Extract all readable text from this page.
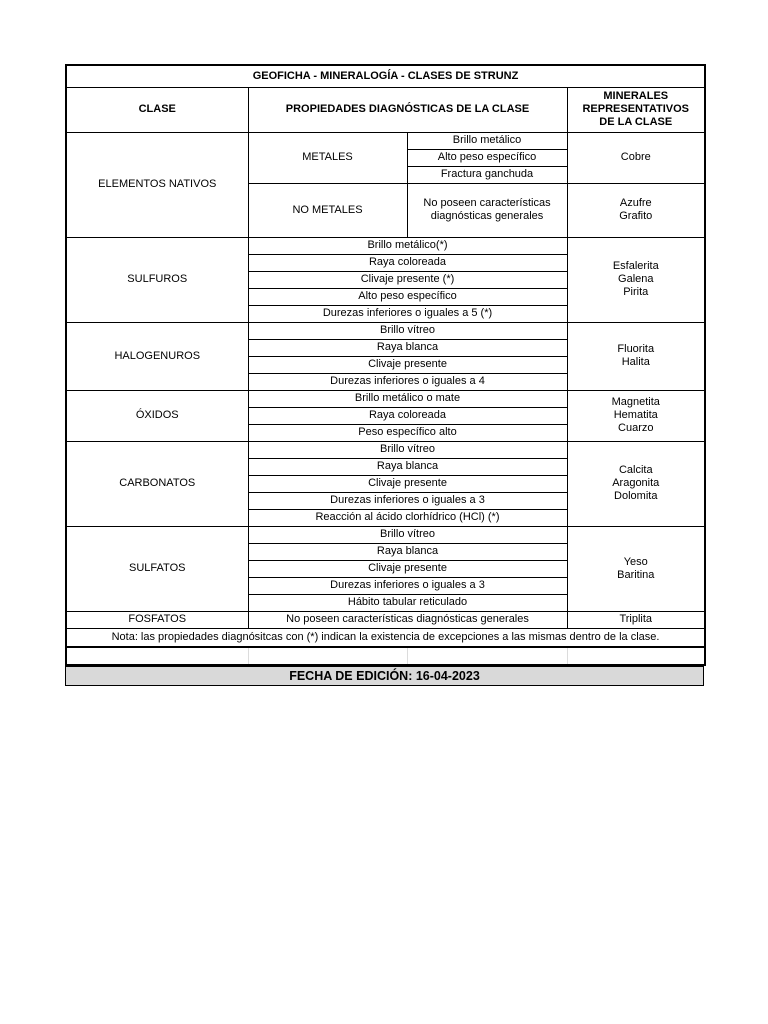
GEOFICHA - MINERALOGÍA - CLASES DE STRUNZ			
CLASE	PROPIEDADES DIAGNÓSTICAS DE LA CLASE		MINERALES
REPRESENTATIVOS
DE LA CLASE
ELEMENTOS NATIVOS	METALES	Brillo metálico	Cobre
		Alto peso específico	
		Fractura ganchuda	
	NO METALES	No poseen características
diagnósticas generales	Azufre
Grafito
SULFUROS	Brillo metálico(*)		Esfalerita
Galena
Pirita
	Raya coloreada		
	Clivaje presente (*)		
	Alto peso específico		
	Durezas inferiores o iguales a 5 (*)		
HALOGENUROS	Brillo vítreo		Fluorita
Halita
	Raya blanca		
	Clivaje presente		
	Durezas inferiores o iguales a 4		
ÓXIDOS	Brillo metálico o mate		Magnetita
Hematita
Cuarzo
	Raya coloreada		
	Peso específico alto		
CARBONATOS	Brillo vítreo		Calcita
Aragonita
Dolomita
	Raya blanca		
	Clivaje presente		
	Durezas inferiores o iguales a 3		
	Reacción al ácido clorhídrico (HCl) (*)		
SULFATOS	Brillo vítreo		Yeso
Baritina
	Raya blanca		
	Clivaje presente		
	Durezas inferiores o iguales a 3		
	Hábito tabular reticulado		
FOSFATOS	No poseen características diagnósticas generales		Triplita
Nota: las propiedades diagnósitcas con (*) indican la existencia de excepciones a las mismas dentro de la clase.			

FECHA DE EDICIÓN: 16-04-2023
